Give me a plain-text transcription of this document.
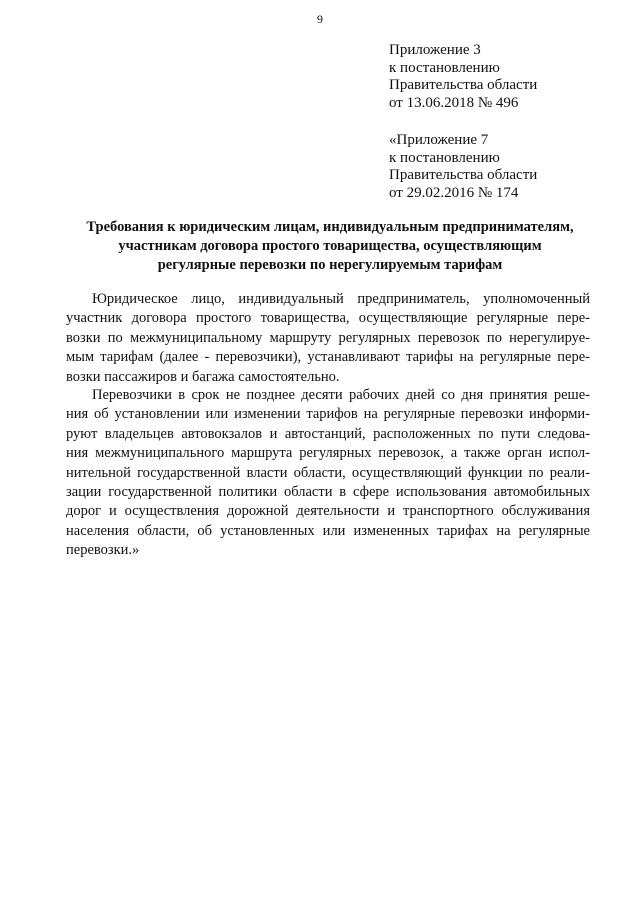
9
Приложение 3
к постановлению
Правительства области
от 13.06.2018 № 496
«Приложение 7
к постановлению
Правительства области
от 29.02.2016 № 174
Требования к юридическим лицам, индивидуальным предпринимателям,
участникам договора простого товарищества, осуществляющим
регулярные перевозки по нерегулируемым тарифам
Юридическое лицо, индивидуальный предприниматель, уполномоченный
участник договора простого товарищества, осуществляющие регулярные пере-
возки по межмуниципальному маршруту регулярных перевозок по нерегулируе-
мым тарифам (далее - перевозчики), устанавливают тарифы на регулярные пере-
возки пассажиров и багажа самостоятельно.
Перевозчики в срок не позднее десяти рабочих дней со дня принятия реше-
ния об установлении или изменении тарифов на регулярные перевозки информи-
руют владельцев автовокзалов и автостанций, расположенных по пути следова-
ния межмуниципального маршрута регулярных перевозок, а также орган испол-
нительной государственной власти области, осуществляющий функции по реали-
зации государственной политики области в сфере использования автомобильных
дорог и осуществления дорожной деятельности и транспортного обслуживания
населения области, об установленных или измененных тарифах на регулярные
перевозки.»
